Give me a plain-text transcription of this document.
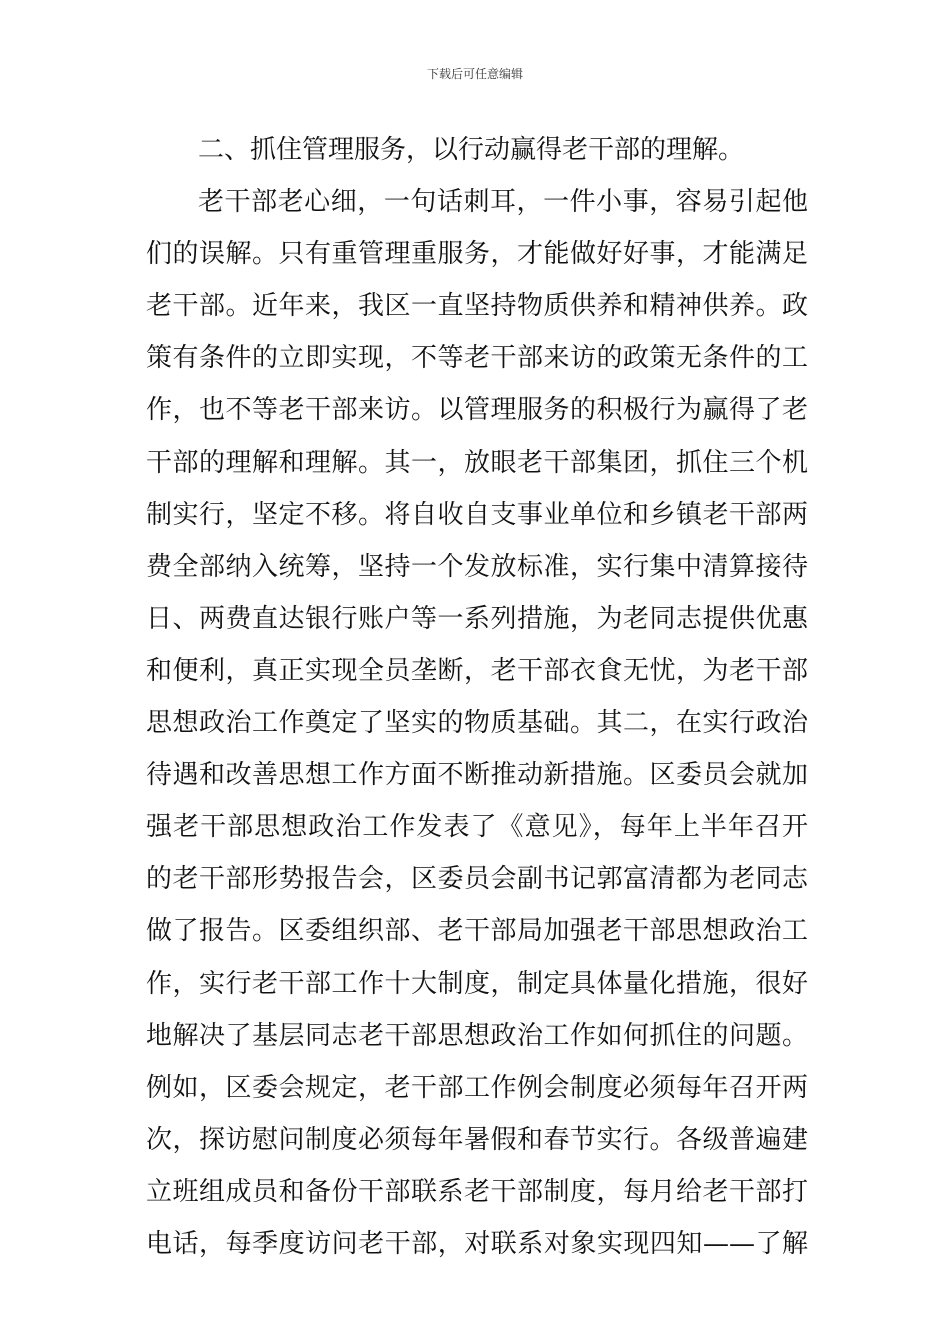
下载后可任意编辑
二、抓住管理服务，以行动赢得老干部的理解。
老干部老心细，一句话刺耳，一件小事，容易引起他
们的误解。只有重管理重服务，才能做好好事，才能满足
老干部。近年来，我区一直坚持物质供养和精神供养。政
策有条件的立即实现，不等老干部来访的政策无条件的工
作，也不等老干部来访。以管理服务的积极行为赢得了老
干部的理解和理解。其一，放眼老干部集团，抓住三个机
制实行，坚定不移。将自收自支事业单位和乡镇老干部两
费全部纳入统筹，坚持一个发放标准，实行集中清算接待
日、两费直达银行账户等一系列措施，为老同志提供优惠
和便利，真正实现全员垄断，老干部衣食无忧，为老干部
思想政治工作奠定了坚实的物质基础。其二，在实行政治
待遇和改善思想工作方面不断推动新措施。区委员会就加
强老干部思想政治工作发表了《意见》，每年上半年召开
的老干部形势报告会，区委员会副书记郭富清都为老同志
做了报告。区委组织部、老干部局加强老干部思想政治工
作，实行老干部工作十大制度，制定具体量化措施，很好
地解决了基层同志老干部思想政治工作如何抓住的问题。
例如，区委会规定，老干部工作例会制度必须每年召开两
次，探访慰问制度必须每年暑假和春节实行。各级普遍建
立班组成员和备份干部联系老干部制度，每月给老干部打
电话，每季度访问老干部，对联系对象实现四知——了解
